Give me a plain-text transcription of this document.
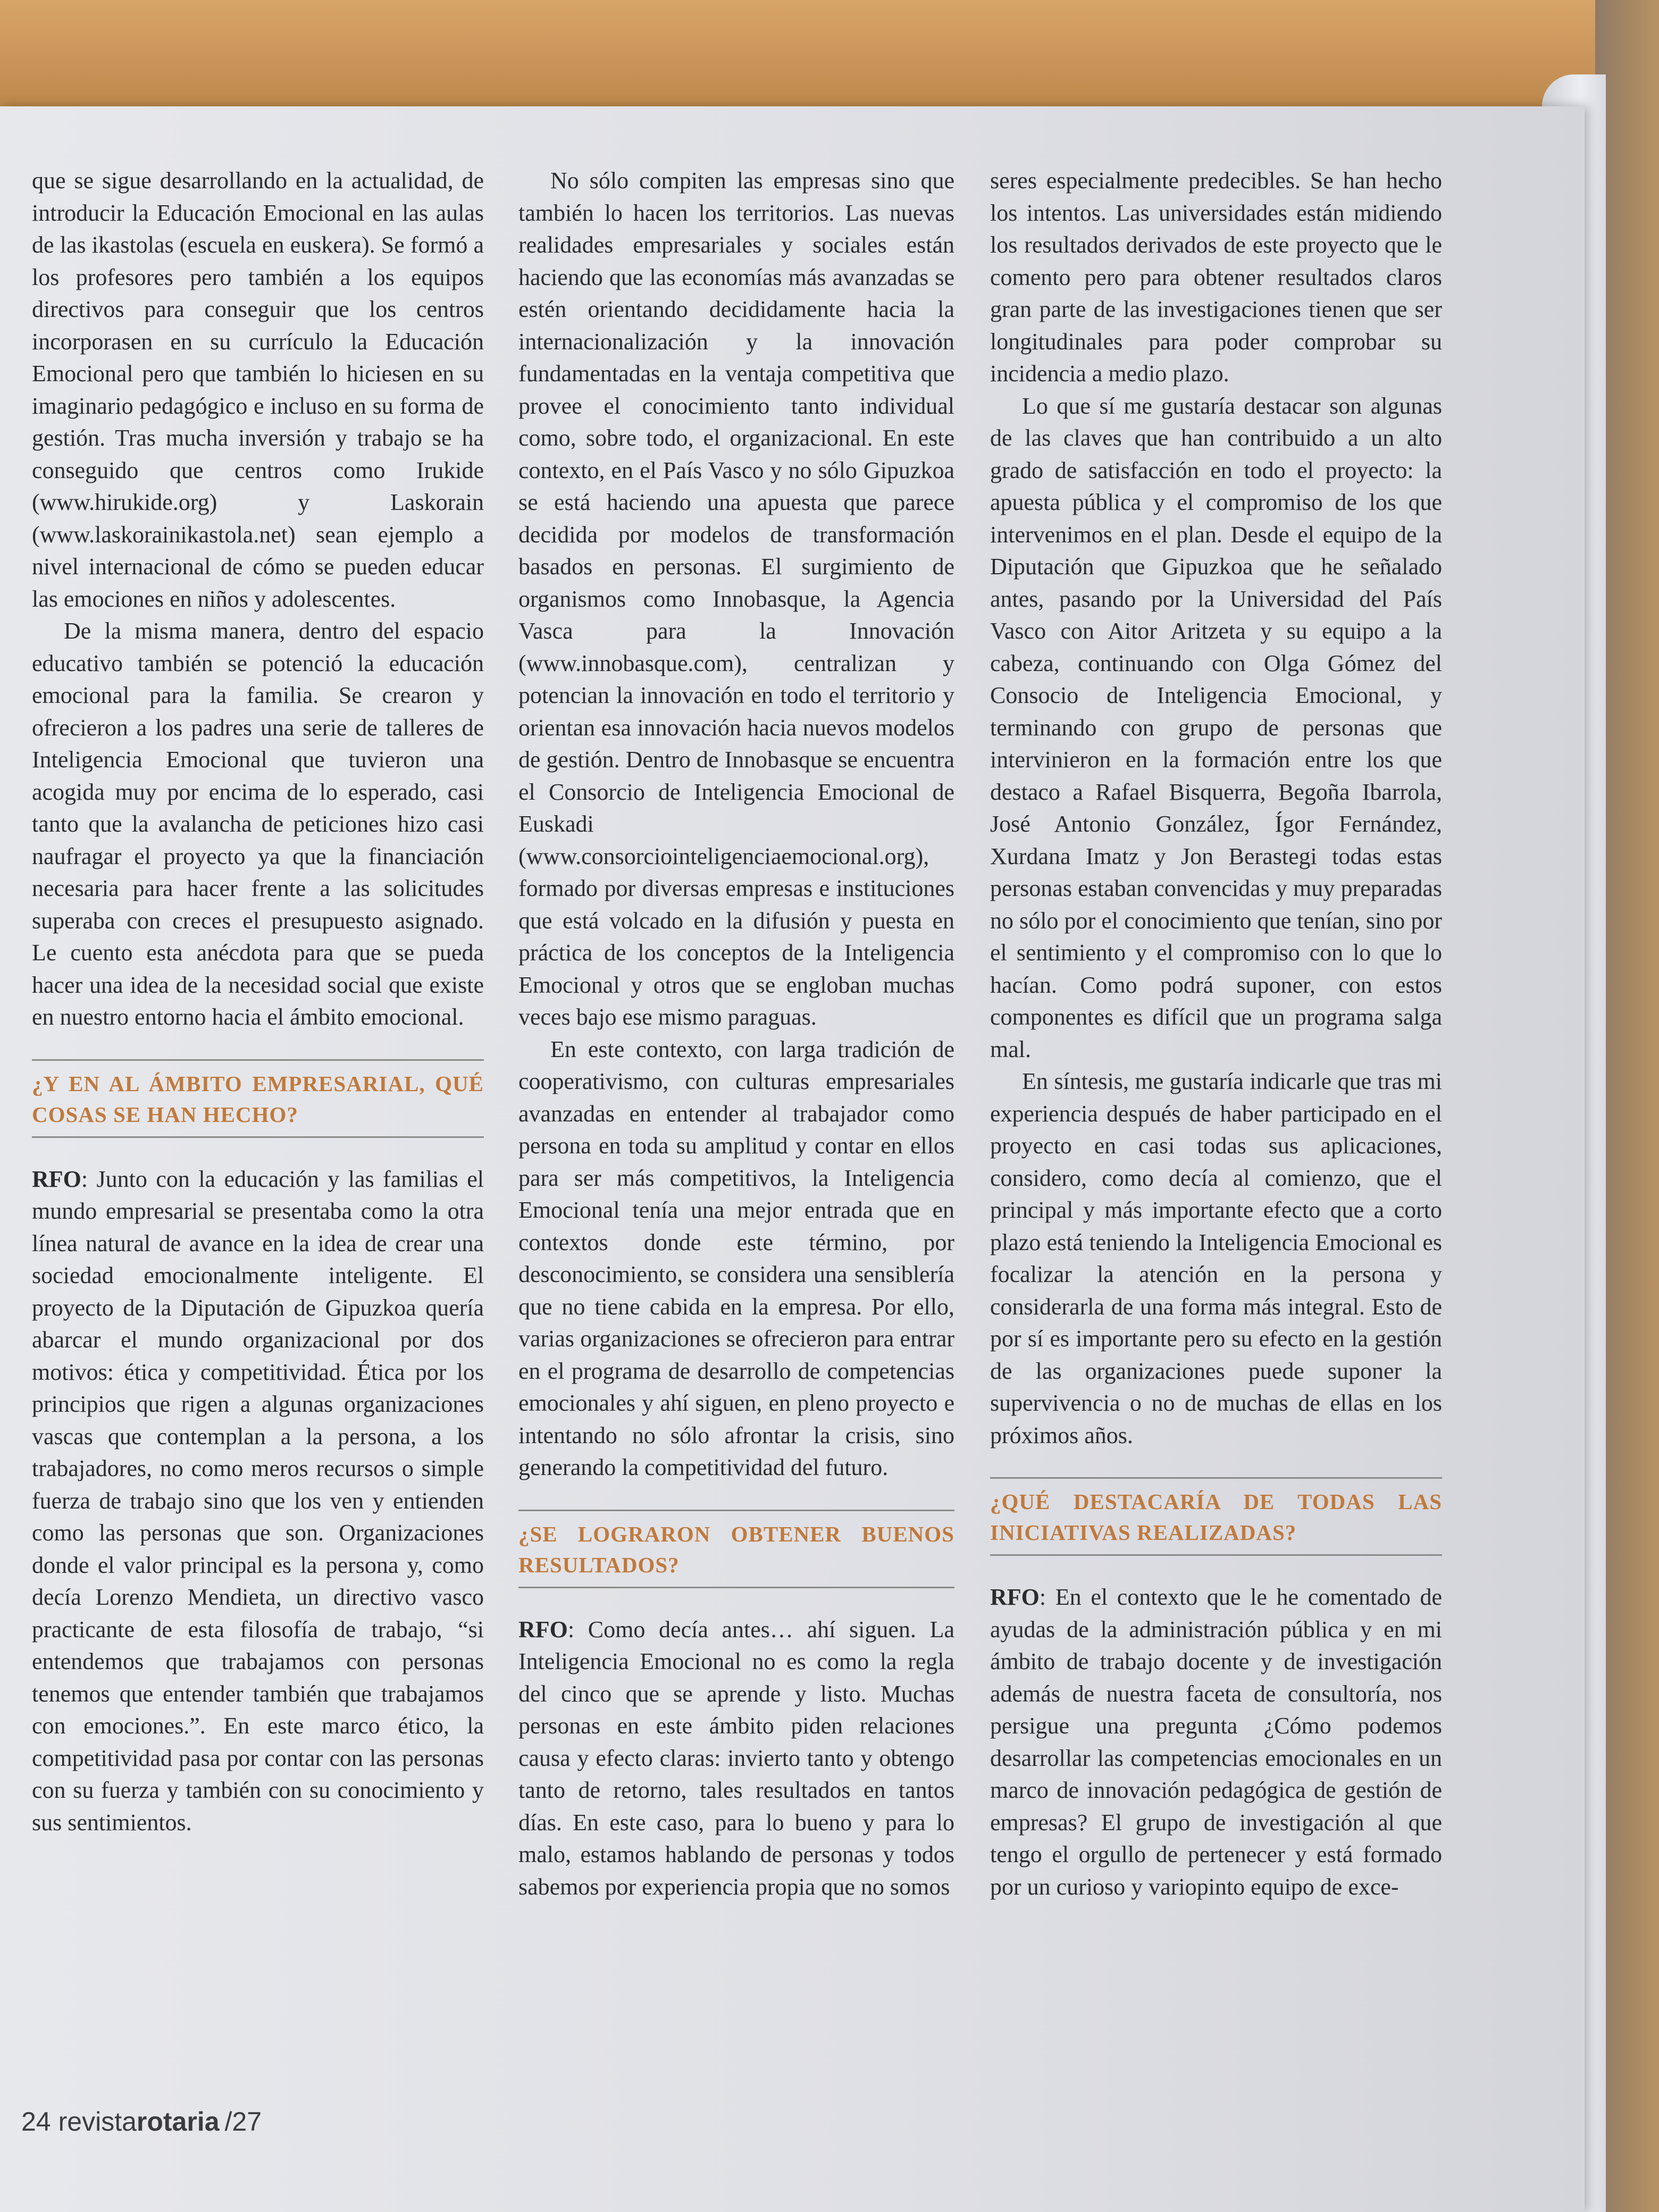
que se sigue desarrollando en la actualidad, de introducir la Educación Emocional en las aulas de las ikastolas (escuela en euskera). Se formó a los profesores pero también a los equipos directivos para conseguir que los centros incorporasen en su currículo la Educación Emocional pero que también lo hiciesen en su imaginario pedagógico e incluso en su forma de gestión. Tras mucha inversión y trabajo se ha conseguido que centros como Irukide (www.hirukide.org) y Laskorain (www.laskorainikastola.net) sean ejemplo a nivel internacional de cómo se pueden educar las emociones en niños y adolescentes.

De la misma manera, dentro del espacio educativo también se potenció la educación emocional para la familia. Se crearon y ofrecieron a los padres una serie de talleres de Inteligencia Emocional que tuvieron una acogida muy por encima de lo esperado, casi tanto que la avalancha de peticiones hizo casi naufragar el proyecto ya que la financiación necesaria para hacer frente a las solicitudes superaba con creces el presupuesto asignado. Le cuento esta anécdota para que se pueda hacer una idea de la necesidad social que existe en nuestro entorno hacia el ámbito emocional.

¿Y EN AL ÁMBITO EMPRESARIAL, QUÉ COSAS SE HAN HECHO?

RFO: Junto con la educación y las familias el mundo empresarial se presentaba como la otra línea natural de avance en la idea de crear una sociedad emocionalmente inteligente. El proyecto de la Diputación de Gipuzkoa quería abarcar el mundo organizacional por dos motivos: ética y competitividad. Ética por los principios que rigen a algunas organizaciones vascas que contemplan a la persona, a los trabajadores, no como meros recursos o simple fuerza de trabajo sino que los ven y entienden como las personas que son. Organizaciones donde el valor principal es la persona y, como decía Lorenzo Mendieta, un directivo vasco practicante de esta filosofía de trabajo, “si entendemos que trabajamos con personas tenemos que entender también que trabajamos con emociones.”. En este marco ético, la competitividad pasa por contar con las personas con su fuerza y también con su conocimiento y sus sentimientos.

No sólo compiten las empresas sino que también lo hacen los territorios. Las nuevas realidades empresariales y sociales están haciendo que las economías más avanzadas se estén orientando decididamente hacia la internacionalización y la innovación fundamentadas en la ventaja competitiva que provee el conocimiento tanto individual como, sobre todo, el organizacional. En este contexto, en el País Vasco y no sólo Gipuzkoa se está haciendo una apuesta que parece decidida por modelos de transformación basados en personas. El surgimiento de organismos como Innobasque, la Agencia Vasca para la Innovación (www.innobasque.com), centralizan y potencian la innovación en todo el territorio y orientan esa innovación hacia nuevos modelos de gestión. Dentro de Innobasque se encuentra el Consorcio de Inteligencia Emocional de Euskadi (www.consorciointeligenciaemocional.org), formado por diversas empresas e instituciones que está volcado en la difusión y puesta en práctica de los conceptos de la Inteligencia Emocional y otros que se engloban muchas veces bajo ese mismo paraguas.

En este contexto, con larga tradición de cooperativismo, con culturas empresariales avanzadas en entender al trabajador como persona en toda su amplitud y contar en ellos para ser más competitivos, la Inteligencia Emocional tenía una mejor entrada que en contextos donde este término, por desconocimiento, se considera una sensiblería que no tiene cabida en la empresa. Por ello, varias organizaciones se ofrecieron para entrar en el programa de desarrollo de competencias emocionales y ahí siguen, en pleno proyecto e intentando no sólo afrontar la crisis, sino generando la competitividad del futuro.

¿SE LOGRARON OBTENER BUENOS RESULTADOS?

RFO: Como decía antes… ahí siguen. La Inteligencia Emocional no es como la regla del cinco que se aprende y listo. Muchas personas en este ámbito piden relaciones causa y efecto claras: invierto tanto y obtengo tanto de retorno, tales resultados en tantos días. En este caso, para lo bueno y para lo malo, estamos hablando de personas y todos sabemos por experiencia propia que no somos

seres especialmente predecibles. Se han hecho los intentos. Las universidades están midiendo los resultados derivados de este proyecto que le comento pero para obtener resultados claros gran parte de las investigaciones tienen que ser longitudinales para poder comprobar su incidencia a medio plazo.

Lo que sí me gustaría destacar son algunas de las claves que han contribuido a un alto grado de satisfacción en todo el proyecto: la apuesta pública y el compromiso de los que intervenimos en el plan. Desde el equipo de la Diputación que Gipuzkoa que he señalado antes, pasando por la Universidad del País Vasco con Aitor Aritzeta y su equipo a la cabeza, continuando con Olga Gómez del Consocio de Inteligencia Emocional, y terminando con grupo de personas que intervinieron en la formación entre los que destaco a Rafael Bisquerra, Begoña Ibarrola, José Antonio González, Ígor Fernández, Xurdana Imatz y Jon Berastegi todas estas personas estaban convencidas y muy preparadas no sólo por el conocimiento que tenían, sino por el sentimiento y el compromiso con lo que lo hacían. Como podrá suponer, con estos componentes es difícil que un programa salga mal.

En síntesis, me gustaría indicarle que tras mi experiencia después de haber participado en el proyecto en casi todas sus aplicaciones, considero, como decía al comienzo, que el principal y más importante efecto que a corto plazo está teniendo la Inteligencia Emocional es focalizar la atención en la persona y considerarla de una forma más integral. Esto de por sí es importante pero su efecto en la gestión de las organizaciones puede suponer la supervivencia o no de muchas de ellas en los próximos años.

¿QUÉ DESTACARÍA DE TODAS LAS INICIATIVAS REALIZADAS?

RFO: En el contexto que le he comentado de ayudas de la administración pública y en mi ámbito de trabajo docente y de investigación además de nuestra faceta de consultoría, nos persigue una pregunta ¿Cómo podemos desarrollar las competencias emocionales en un marco de innovación pedagógica de gestión de empresas? El grupo de investigación al que tengo el orgullo de pertenecer y está formado por un curioso y variopinto equipo de exce-

24 revistarotaria /27
